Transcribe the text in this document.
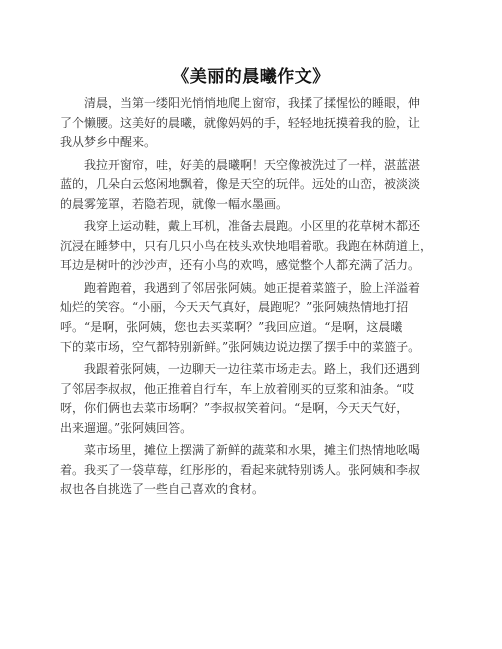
《美丽的晨曦作文》
清晨，当第一缕阳光悄悄地爬上窗帘，我揉了揉惺忪的睡眼，伸
了个懒腰。这美好的晨曦，就像妈妈的手，轻轻地抚摸着我的脸，让
我从梦乡中醒来。
我拉开窗帘，哇，好美的晨曦啊！天空像被洗过了一样，湛蓝湛
蓝的，几朵白云悠闲地飘着，像是天空的玩伴。远处的山峦，被淡淡
的晨雾笼罩，若隐若现，就像一幅水墨画。
我穿上运动鞋，戴上耳机，准备去晨跑。小区里的花草树木都还
沉浸在睡梦中，只有几只小鸟在枝头欢快地唱着歌。我跑在林荫道上，
耳边是树叶的沙沙声，还有小鸟的欢鸣，感觉整个人都充满了活力。
跑着跑着，我遇到了邻居张阿姨。她正提着菜篮子，脸上洋溢着
灿烂的笑容。“小丽，今天天气真好，晨跑呢？”张阿姨热情地打招
呼。“是啊，张阿姨，您也去买菜啊？”我回应道。“是啊，这晨曦
下的菜市场，空气都特别新鲜。”张阿姨边说边摆了摆手中的菜篮子。
我跟着张阿姨，一边聊天一边往菜市场走去。路上，我们还遇到
了邻居李叔叔，他正推着自行车，车上放着刚买的豆浆和油条。“哎
呀，你们俩也去菜市场啊？”李叔叔笑着问。“是啊，今天天气好，
出来遛遛。”张阿姨回答。
菜市场里，摊位上摆满了新鲜的蔬菜和水果，摊主们热情地吆喝
着。我买了一袋草莓，红彤彤的，看起来就特别诱人。张阿姨和李叔
叔也各自挑选了一些自己喜欢的食材。
